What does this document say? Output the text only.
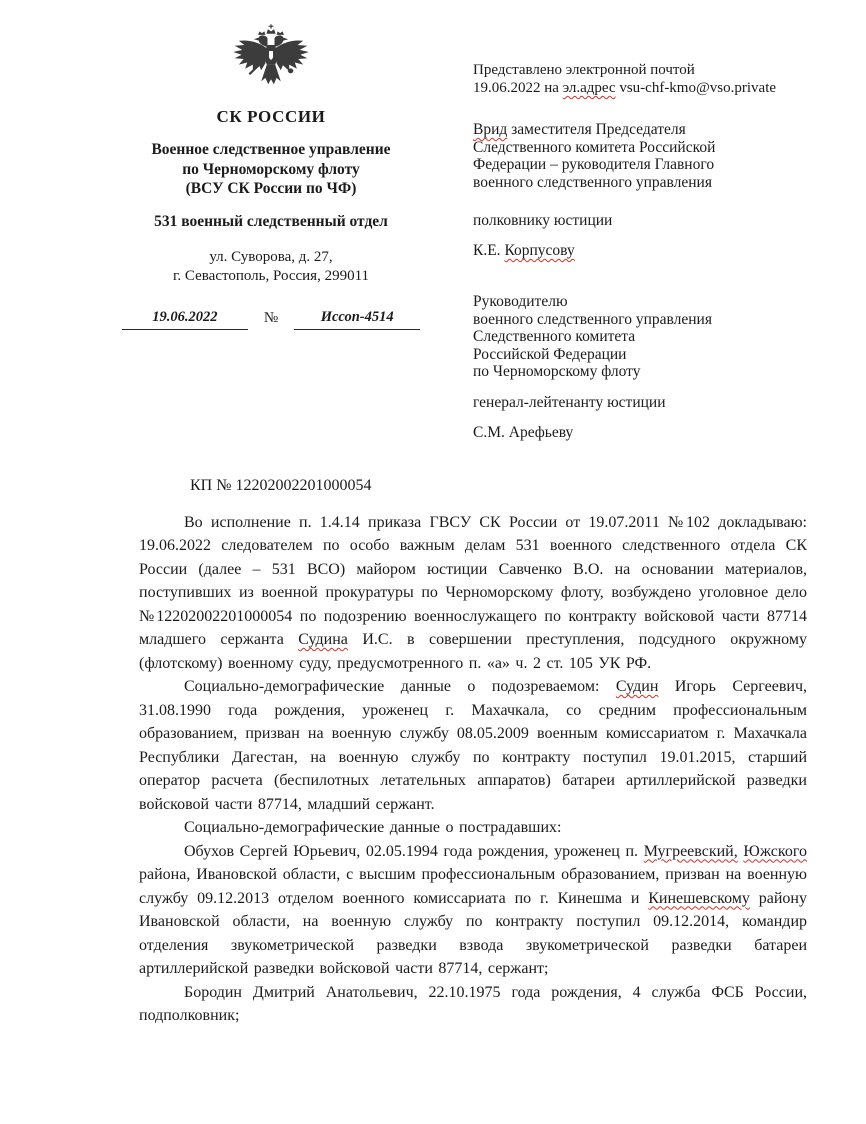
СК РОССИИ
Военное следственное управление
по Черноморскому флоту
(ВСУ СК России по ЧФ)
531 военный следственный отдел
ул. Суворова, д. 27,
г. Севастополь, Россия, 299011
19.06.2022	№	Иссоп-4514
Представлено электронной почтой
19.06.2022 на эл.адрес vsu-chf-kmo@vso.private
Врид заместителя Председателя
Следственного комитета Российской
Федерации – руководителя Главного
военного следственного управления
полковнику юстиции
К.Е. Корпусову
Руководителю
военного следственного управления
Следственного комитета
Российской Федерации
по Черноморскому флоту
генерал-лейтенанту юстиции
С.М. Арефьеву
КП № 12202002201000054

Во исполнение п. 1.4.14 приказа ГВСУ СК России от 19.07.2011 №102 докладываю: 19.06.2022 следователем по особо важным делам 531 военного следственного отдела СК России (далее – 531 ВСО) майором юстиции Савченко В.О. на основании материалов, поступивших из военной прокуратуры по Черноморскому флоту, возбуждено уголовное дело №12202002201000054 по подозрению военнослужащего по контракту войсковой части 87714 младшего сержанта Судина И.С. в совершении преступления, подсудного окружному (флотскому) военному суду, предусмотренного п. «а» ч. 2 ст. 105 УК РФ.

Социально-демографические данные о подозреваемом: Судин Игорь Сергеевич, 31.08.1990 года рождения, уроженец г. Махачкала, со средним профессиональным образованием, призван на военную службу 08.05.2009 военным комиссариатом г. Махачкала Республики Дагестан, на военную службу по контракту поступил 19.01.2015, старший оператор расчета (беспилотных летательных аппаратов) батареи артиллерийской разведки войсковой части 87714, младший сержант.

Социально-демографические данные о пострадавших:

Обухов Сергей Юрьевич, 02.05.1994 года рождения, уроженец п. Мугреевский, Южского района, Ивановской области, с высшим профессиональным образованием, призван на военную службу 09.12.2013 отделом военного комиссариата по г. Кинешма и Кинешевскому району Ивановской области, на военную службу по контракту поступил 09.12.2014, командир отделения звукометрической разведки взвода звукометрической разведки батареи артиллерийской разведки войсковой части 87714, сержант;

Бородин Дмитрий Анатольевич, 22.10.1975 года рождения, 4 служба ФСБ России, подполковник;
